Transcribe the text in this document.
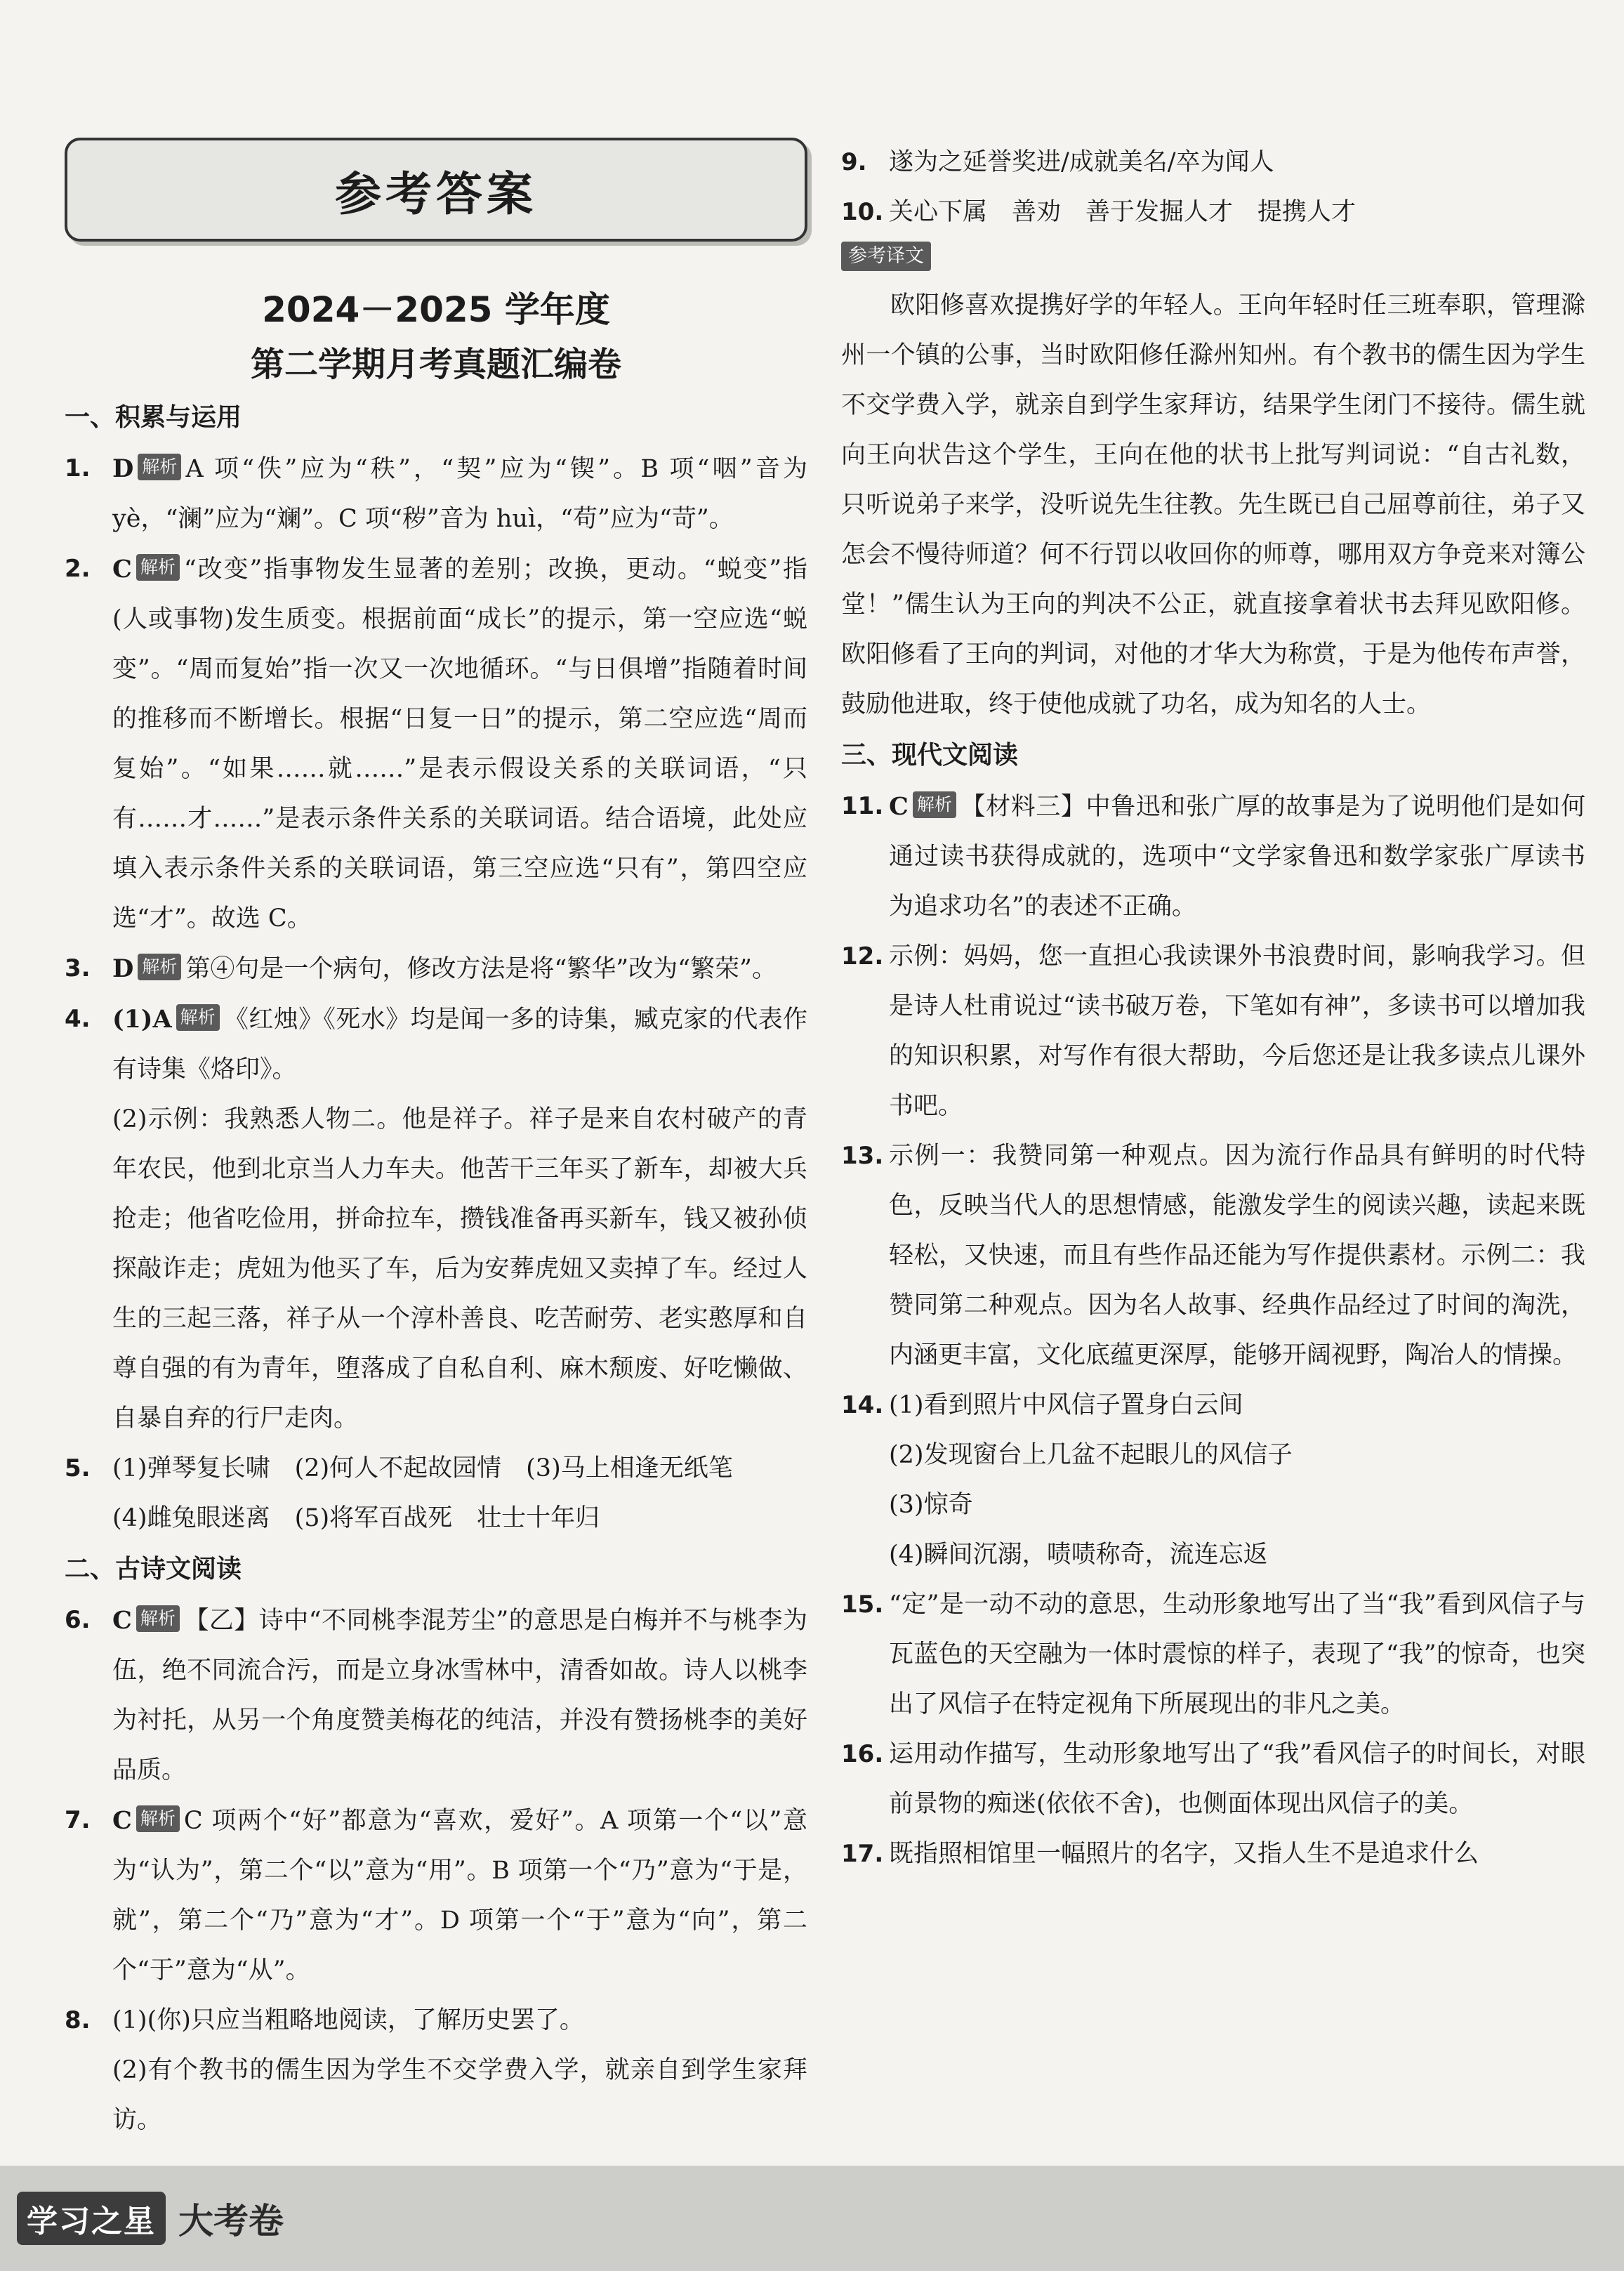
参考答案
2024－2025 学年度
第二学期月考真题汇编卷
一、积累与运用
1. D 解析 A 项“佚”应为“秩”，“契”应为“锲”。B 项“咽”音为 yè，“澜”应为“斓”。C 项“秽”音为 huì，“苟”应为“苛”。

2. C 解析 “改变”指事物发生显著的差别；改换，更动。“蜕变”指(人或事物)发生质变。根据前面“成长”的提示，第一空应选“蜕变”。“周而复始”指一次又一次地循环。“与日俱增”指随着时间的推移而不断增长。根据“日复一日”的提示，第二空应选“周而复始”。“如果……就……”是表示假设关系的关联词语，“只有……才……”是表示条件关系的关联词语。结合语境，此处应填入表示条件关系的关联词语，第三空应选“只有”，第四空应选“才”。故选 C。

3. D 解析 第④句是一个病句，修改方法是将“繁华”改为“繁荣”。

4. (1)A 解析 《红烛》《死水》均是闻一多的诗集，臧克家的代表作有诗集《烙印》。

(2)示例：我熟悉人物二。他是祥子。祥子是来自农村破产的青年农民，他到北京当人力车夫。他苦干三年买了新车，却被大兵抢走；他省吃俭用，拼命拉车，攒钱准备再买新车，钱又被孙侦探敲诈走；虎妞为他买了车，后为安葬虎妞又卖掉了车。经过人生的三起三落，祥子从一个淳朴善良、吃苦耐劳、老实憨厚和自尊自强的有为青年，堕落成了自私自利、麻木颓废、好吃懒做、自暴自弃的行尸走肉。

5. (1)弹琴复长啸　(2)何人不起故园情　(3)马上相逢无纸笔

(4)雌兔眼迷离　(5)将军百战死　壮士十年归

二、古诗文阅读
6. C 解析 【乙】诗中“不同桃李混芳尘”的意思是白梅并不与桃李为伍，绝不同流合污，而是立身冰雪林中，清香如故。诗人以桃李为衬托，从另一个角度赞美梅花的纯洁，并没有赞扬桃李的美好品质。

7. C 解析 C 项两个“好”都意为“喜欢，爱好”。A 项第一个“以”意为“认为”，第二个“以”意为“用”。B 项第一个“乃”意为“于是，就”，第二个“乃”意为“才”。D 项第一个“于”意为“向”，第二个“于”意为“从”。

8. (1)(你)只应当粗略地阅读，了解历史罢了。

(2)有个教书的儒生因为学生不交学费入学，就亲自到学生家拜访。

9. 遂为之延誉奖进/成就美名/卒为闻人

10. 关心下属　善劝　善于发掘人才　提携人才

参考译文

欧阳修喜欢提携好学的年轻人。王向年轻时任三班奉职，管理滁州一个镇的公事，当时欧阳修任滁州知州。有个教书的儒生因为学生不交学费入学，就亲自到学生家拜访，结果学生闭门不接待。儒生就向王向状告这个学生，王向在他的状书上批写判词说：“自古礼数，只听说弟子来学，没听说先生往教。先生既已自己屈尊前往，弟子又怎会不慢待师道？何不行罚以收回你的师尊，哪用双方争竞来对簿公堂！”儒生认为王向的判决不公正，就直接拿着状书去拜见欧阳修。欧阳修看了王向的判词，对他的才华大为称赏，于是为他传布声誉，鼓励他进取，终于使他成就了功名，成为知名的人士。

三、现代文阅读
11. C 解析 【材料三】中鲁迅和张广厚的故事是为了说明他们是如何通过读书获得成就的，选项中“文学家鲁迅和数学家张广厚读书为追求功名”的表述不正确。

12. 示例：妈妈，您一直担心我读课外书浪费时间，影响我学习。但是诗人杜甫说过“读书破万卷，下笔如有神”，多读书可以增加我的知识积累，对写作有很大帮助，今后您还是让我多读点儿课外书吧。

13. 示例一：我赞同第一种观点。因为流行作品具有鲜明的时代特色，反映当代人的思想情感，能激发学生的阅读兴趣，读起来既轻松，又快速，而且有些作品还能为写作提供素材。示例二：我赞同第二种观点。因为名人故事、经典作品经过了时间的淘洗，内涵更丰富，文化底蕴更深厚，能够开阔视野，陶冶人的情操。

14. (1)看到照片中风信子置身白云间

(2)发现窗台上几盆不起眼儿的风信子

(3)惊奇

(4)瞬间沉溺，啧啧称奇，流连忘返

15. “定”是一动不动的意思，生动形象地写出了当“我”看到风信子与瓦蓝色的天空融为一体时震惊的样子，表现了“我”的惊奇，也突出了风信子在特定视角下所展现出的非凡之美。

16. 运用动作描写，生动形象地写出了“我”看风信子的时间长，对眼前景物的痴迷(依依不舍)，也侧面体现出风信子的美。

17. 既指照相馆里一幅照片的名字，又指人生不是追求什么

学习之星 大考卷
